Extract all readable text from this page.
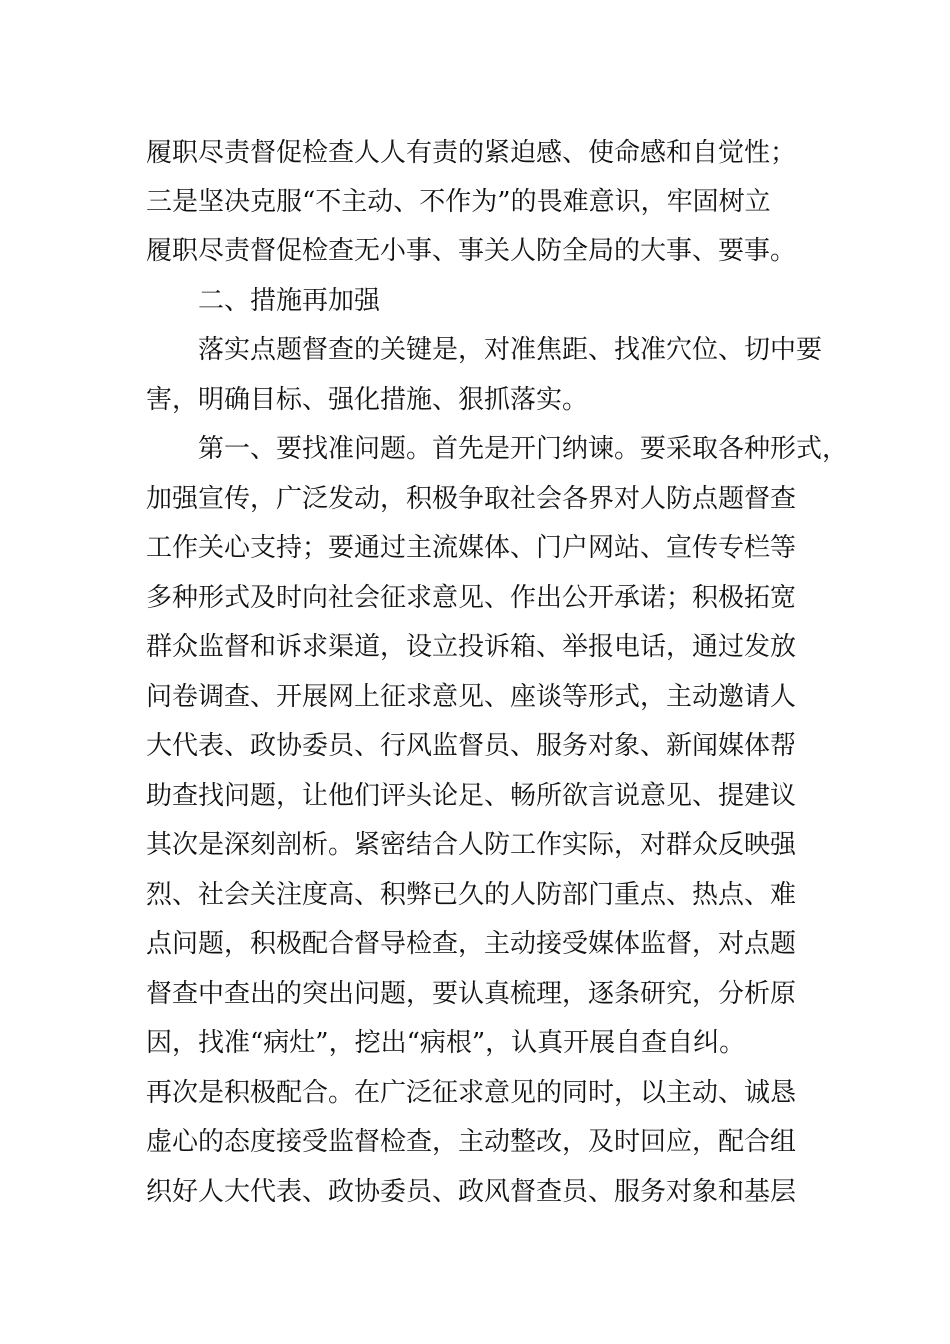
履职尽责督促检查人人有责的紧迫感、使命感和自觉性；
三是坚决克服“不主动、不作为”的畏难意识，牢固树立
履职尽责督促检查无小事、事关人防全局的大事、要事。
　　二、措施再加强
　　落实点题督查的关键是，对准焦距、找准穴位、切中要
害，明确目标、强化措施、狠抓落实。
　　第一、要找准问题。首先是开门纳谏。要采取各种形式，
加强宣传，广泛发动，积极争取社会各界对人防点题督查
工作关心支持；要通过主流媒体、门户网站、宣传专栏等
多种形式及时向社会征求意见、作出公开承诺；积极拓宽
群众监督和诉求渠道，设立投诉箱、举报电话，通过发放
问卷调查、开展网上征求意见、座谈等形式，主动邀请人
大代表、政协委员、行风监督员、服务对象、新闻媒体帮
助查找问题，让他们评头论足、畅所欲言说意见、提建议
其次是深刻剖析。紧密结合人防工作实际，对群众反映强
烈、社会关注度高、积弊已久的人防部门重点、热点、难
点问题，积极配合督导检查，主动接受媒体监督，对点题
督查中查出的突出问题，要认真梳理，逐条研究，分析原
因，找准“病灶”，挖出“病根”，认真开展自查自纠。
再次是积极配合。在广泛征求意见的同时，以主动、诚恳
虚心的态度接受监督检查，主动整改，及时回应，配合组
织好人大代表、政协委员、政风督查员、服务对象和基层
